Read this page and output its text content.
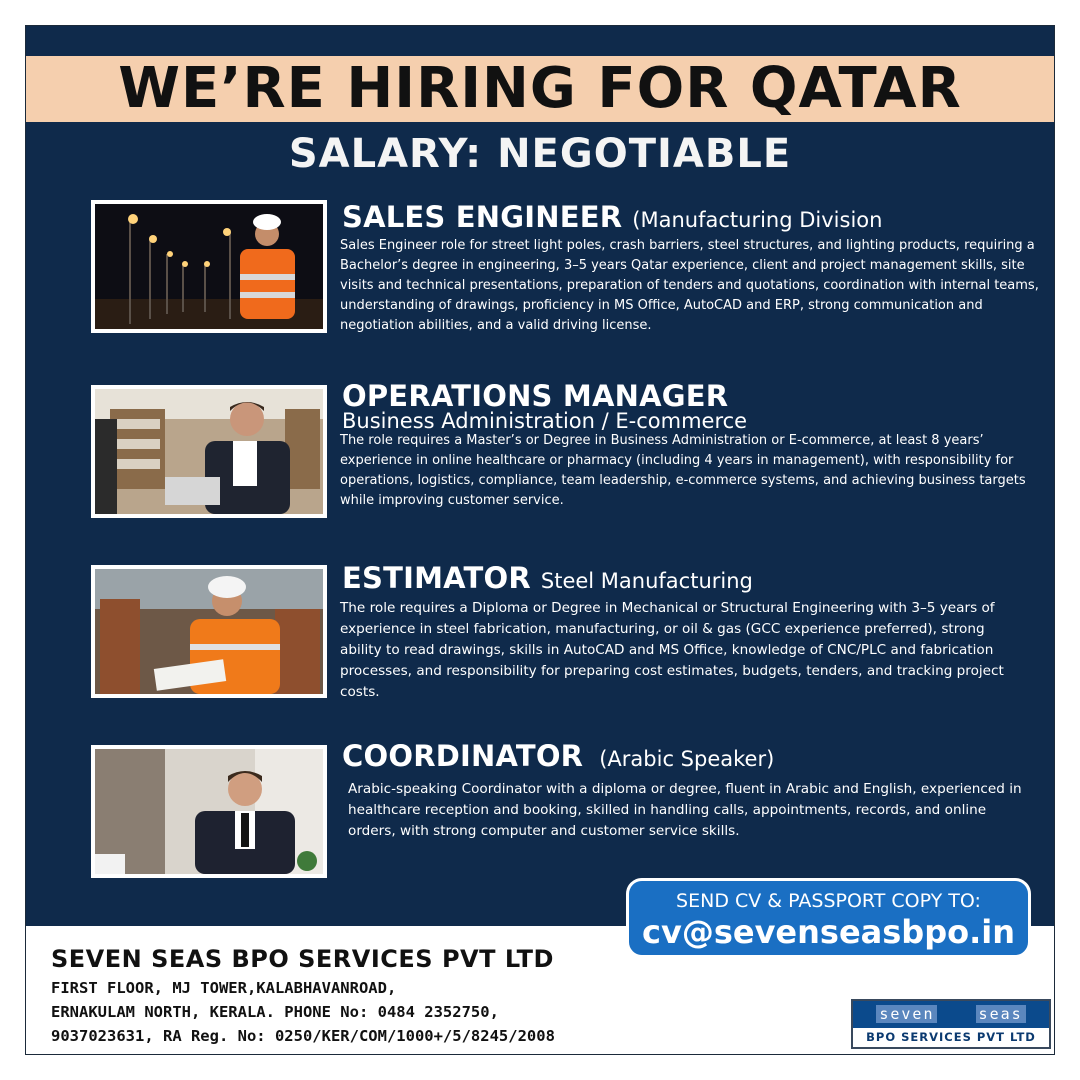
WE’RE HIRING FOR QATAR
SALARY: NEGOTIABLE
SALES ENGINEER (Manufacturing Division
Sales Engineer role for street light poles, crash barriers, steel structures, and lighting products, requiring a Bachelor’s degree in engineering, 3–5 years Qatar experience, client and project management skills, site visits and technical presentations, preparation of tenders and quotations, coordination with internal teams, understanding of drawings, proficiency in MS Office, AutoCAD and ERP, strong communication and negotiation abilities, and a valid driving license.
OPERATIONS MANAGER
Business Administration / E-commerce
The role requires a Master’s or Degree in Business Administration or E-commerce, at least 8 years’ experience in online healthcare or pharmacy (including 4 years in management), with responsibility for operations, logistics, compliance, team leadership, e-commerce systems, and achieving business targets while improving customer service.
ESTIMATOR Steel Manufacturing
The role requires a Diploma or Degree in Mechanical or Structural Engineering with 3–5 years of experience in steel fabrication, manufacturing, or oil & gas (GCC experience preferred), strong ability to read drawings, skills in AutoCAD and MS Office, knowledge of CNC/PLC and fabrication processes, and responsibility for preparing cost estimates, budgets, tenders, and tracking project costs.
COORDINATOR (Arabic Speaker)
Arabic-speaking Coordinator with a diploma or degree, fluent in Arabic and English, experienced in healthcare reception and booking, skilled in handling calls, appointments, records, and online orders, with strong computer and customer service skills.
SEND CV & PASSPORT COPY TO:
cv@sevenseasbpo.in
SEVEN SEAS BPO SERVICES PVT LTD
FIRST FLOOR, MJ TOWER,KALABHAVANROAD,
ERNAKULAM NORTH, KERALA. PHONE No: 0484 2352750,
9037023631, RA Reg. No: 0250/KER/COM/1000+/5/8245/2008
seven	seas
BPO SERVICES PVT LTD
